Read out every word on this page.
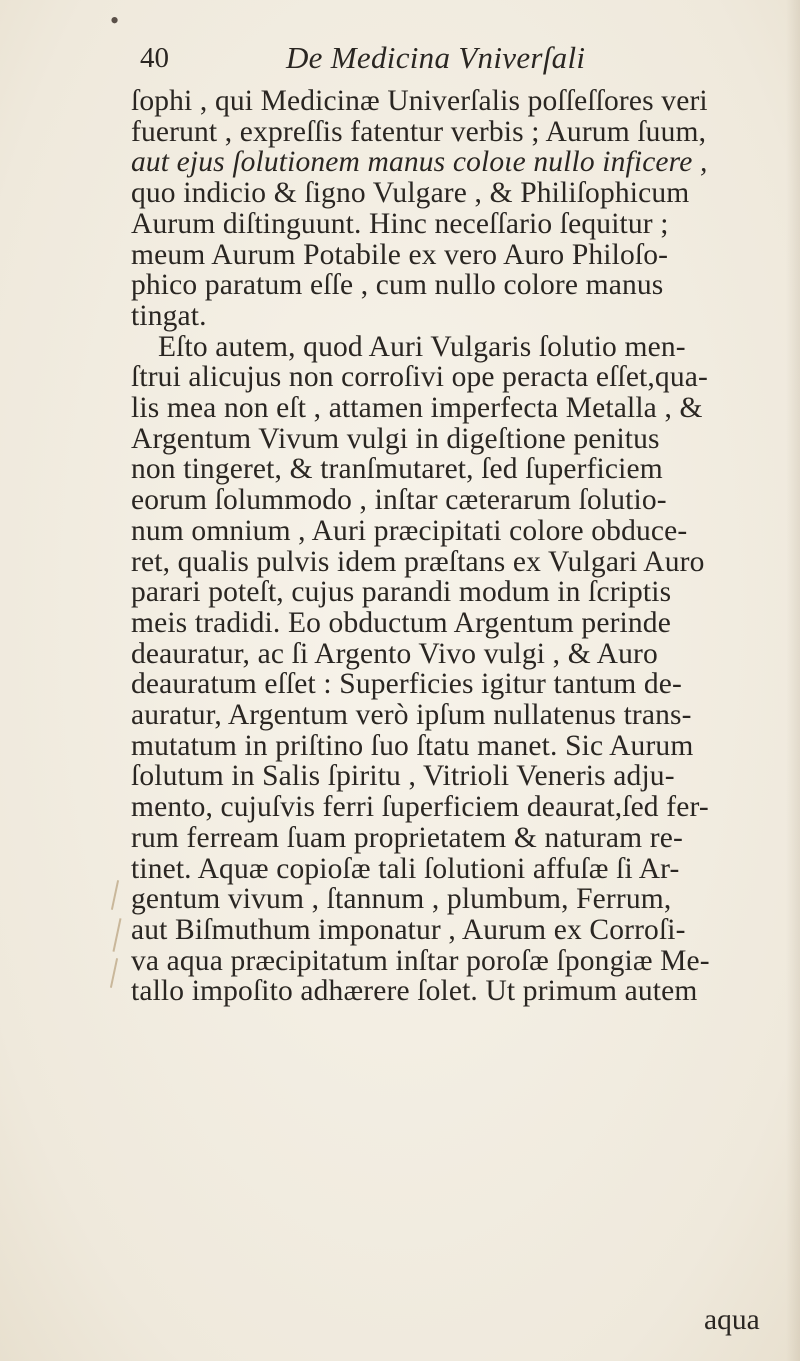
•
40	De Medicina Vniverſali
ſophi , qui Medicinæ Univerſalis poſſeſſores veri
fuerunt , expreſſis fatentur verbis ; Aurum ſuum,
aut ejus ſolutionem manus coloɩe nullo inficere ,
quo indicio & ſigno Vulgare , & Philiſophicum
Aurum diſtinguunt. Hinc neceſſario ſequitur ;
meum Aurum Potabile ex vero Auro Philoſo-
phico paratum eſſe , cum nullo colore manus
tingat.
Eſto autem, quod Auri Vulgaris ſolutio men-
ſtrui alicujus non corroſivi ope peracta eſſet,qua-
lis mea non eſt , attamen imperfecta Metalla , &
Argentum Vivum vulgi in digeſtione penitus
non tingeret, & tranſmutaret, ſed ſuperficiem
eorum ſolummodo , inſtar cæterarum ſolutio-
num omnium , Auri præcipitati colore obduce-
ret, qualis pulvis idem præſtans ex Vulgari Auro
parari poteſt, cujus parandi modum in ſcriptis
meis tradidi. Eo obductum Argentum perinde
deauratur, ac ſi Argento Vivo vulgi , & Auro
deauratum eſſet : Superficies igitur tantum de-
auratur, Argentum verò ipſum nullatenus trans-
mutatum in priſtino ſuo ſtatu manet. Sic Aurum
ſolutum in Salis ſpiritu , Vitrioli Veneris adju-
mento, cujuſvis ferri ſuperficiem deaurat,ſed fer-
rum ferream ſuam proprietatem & naturam re-
tinet. Aquæ copioſæ tali ſolutioni affuſæ ſi Ar-
gentum vivum , ſtannum , plumbum, Ferrum,
aut Biſmuthum imponatur , Aurum ex Corroſi-
va aqua præcipitatum inſtar poroſæ ſpongiæ Me-
tallo impoſito adhærere ſolet. Ut primum autem
aqua
